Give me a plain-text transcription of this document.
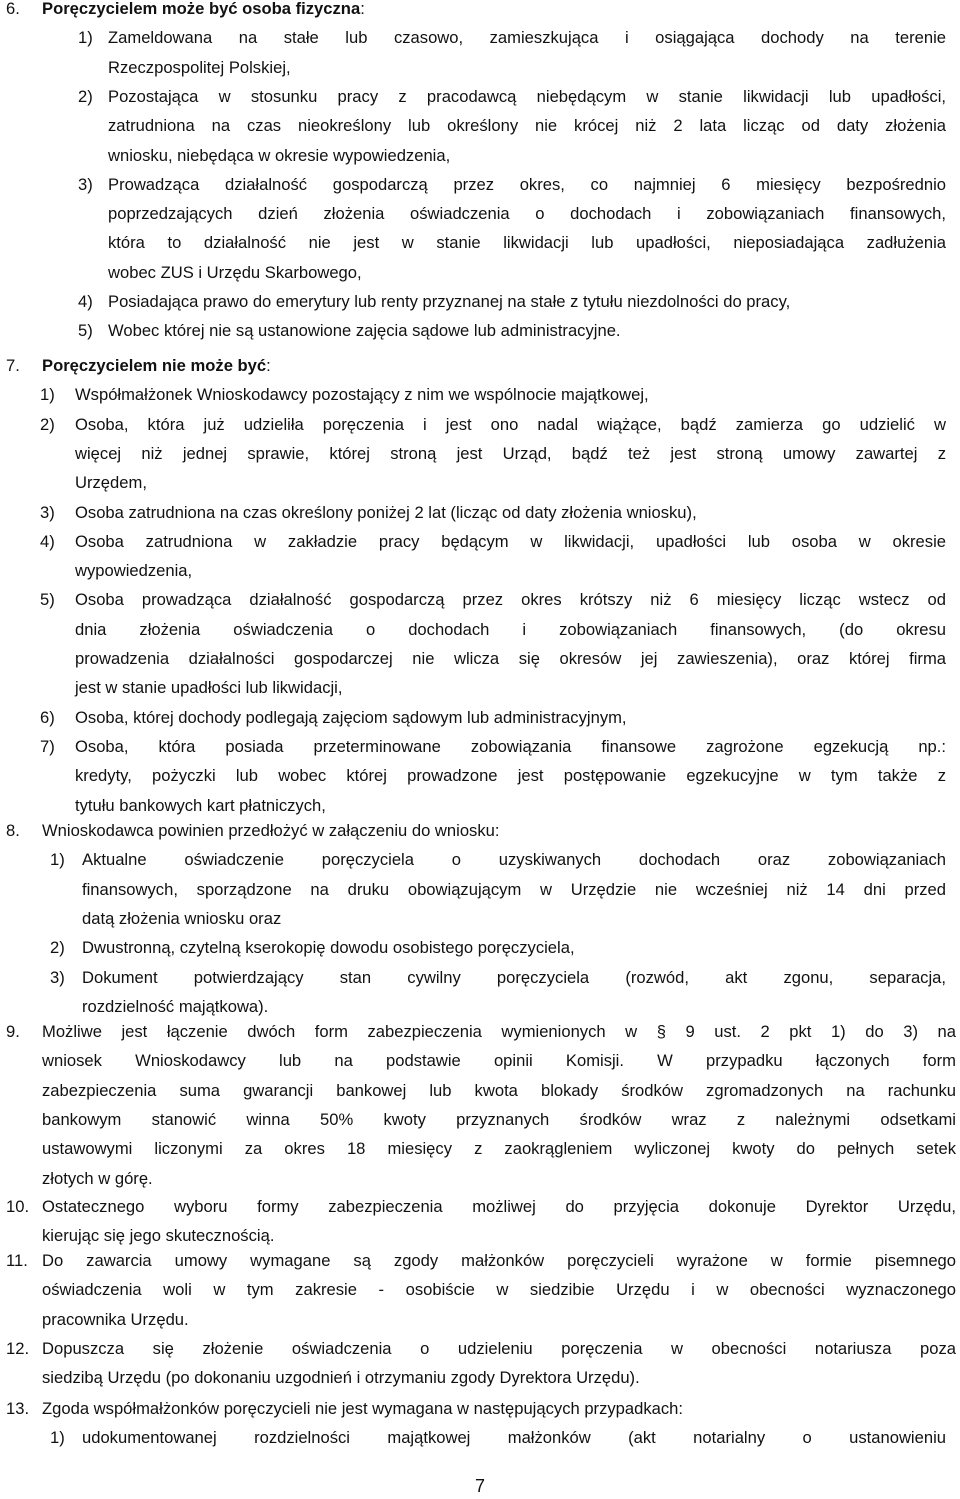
6. Poręczycielem może być osoba fizyczna:
1) Zameldowana na stałe lub czasowo, zamieszkująca i osiągająca dochody na terenie
Rzeczpospolitej Polskiej,
2) Pozostająca w stosunku pracy z pracodawcą niebędącym w stanie likwidacji lub upadłości,
zatrudniona na czas nieokreślony lub określony nie krócej niż 2 lata licząc od daty złożenia
wniosku, niebędąca w okresie wypowiedzenia,
3) Prowadząca działalność gospodarczą przez okres, co najmniej 6 miesięcy bezpośrednio
poprzedzających dzień złożenia oświadczenia o dochodach i zobowiązaniach finansowych,
która to działalność nie jest w stanie likwidacji lub upadłości, nieposiadająca zadłużenia
wobec ZUS i Urzędu Skarbowego,
4) Posiadająca prawo do emerytury lub renty przyznanej na stałe z tytułu niezdolności do pracy,
5) Wobec której nie są ustanowione zajęcia sądowe lub administracyjne.
7. Poręczycielem nie może być:
1) Współmałżonek Wnioskodawcy pozostający z nim we wspólnocie majątkowej,
2) Osoba, która już udzieliła poręczenia i jest ono nadal wiążące, bądź zamierza go udzielić w
więcej niż jednej sprawie, której stroną jest Urząd, bądź też jest stroną umowy zawartej z
Urzędem,
3) Osoba zatrudniona na czas określony poniżej 2 lat (licząc od daty złożenia wniosku),
4) Osoba zatrudniona w zakładzie pracy będącym w likwidacji, upadłości lub osoba w okresie
wypowiedzenia,
5) Osoba prowadząca działalność gospodarczą przez okres krótszy niż 6 miesięcy licząc wstecz od
dnia złożenia oświadczenia o dochodach i zobowiązaniach finansowych, (do okresu
prowadzenia działalności gospodarczej nie wlicza się okresów jej zawieszenia), oraz której firma
jest w stanie upadłości lub likwidacji,
6) Osoba, której dochody podlegają zajęciom sądowym lub administracyjnym,
7) Osoba, która posiada przeterminowane zobowiązania finansowe zagrożone egzekucją np.:
kredyty, pożyczki lub wobec której prowadzone jest postępowanie egzekucyjne w tym także z
tytułu bankowych kart płatniczych,
8. Wnioskodawca powinien przedłożyć w załączeniu do wniosku:
1) Aktualne oświadczenie poręczyciela o uzyskiwanych dochodach oraz zobowiązaniach
finansowych, sporządzone na druku obowiązującym w Urzędzie nie wcześniej niż 14 dni przed
datą złożenia wniosku oraz
2) Dwustronną, czytelną kserokopię dowodu osobistego poręczyciela,
3) Dokument potwierdzający stan cywilny poręczyciela (rozwód, akt zgonu, separacja,
rozdzielność majątkowa).
9. Możliwe jest łączenie dwóch form zabezpieczenia wymienionych w § 9 ust. 2 pkt 1) do 3) na
wniosek Wnioskodawcy lub na podstawie opinii Komisji. W przypadku łączonych form
zabezpieczenia suma gwarancji bankowej lub kwota blokady środków zgromadzonych na rachunku
bankowym stanowić winna 50% kwoty przyznanych środków wraz z należnymi odsetkami
ustawowymi liczonymi za okres 18 miesięcy z zaokrągleniem wyliczonej kwoty do pełnych setek
złotych w górę.
10. Ostatecznego wyboru formy zabezpieczenia możliwej do przyjęcia dokonuje Dyrektor Urzędu,
kierując się jego skutecznością.
11. Do zawarcia umowy wymagane są zgody małżonków poręczycieli wyrażone w formie pisemnego
oświadczenia woli w tym zakresie - osobiście w siedzibie Urzędu i w obecności wyznaczonego
pracownika Urzędu.
12. Dopuszcza się złożenie oświadczenia o udzieleniu poręczenia w obecności notariusza poza
siedzibą Urzędu (po dokonaniu uzgodnień i otrzymaniu zgody Dyrektora Urzędu).
13. Zgoda współmałżonków poręczycieli nie jest wymagana w następujących przypadkach:
1) udokumentowanej rozdzielności majątkowej małżonków (akt notarialny o ustanowieniu
7
